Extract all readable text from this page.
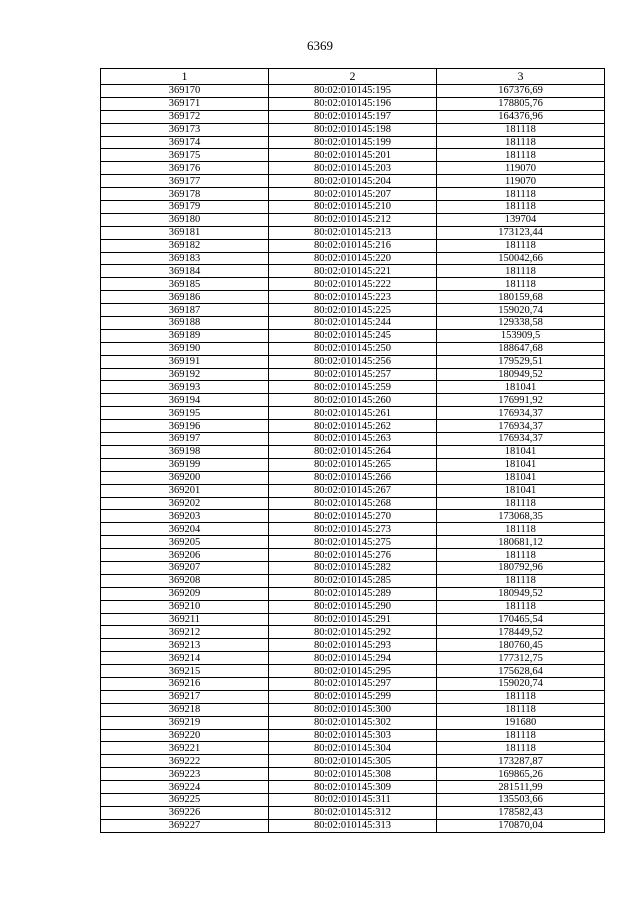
6369
1	2	3
369170	80:02:010145:195	167376,69
369171	80:02:010145:196	178805,76
369172	80:02:010145:197	164376,96
369173	80:02:010145:198	181118
369174	80:02:010145:199	181118
369175	80:02:010145:201	181118
369176	80:02:010145:203	119070
369177	80:02:010145:204	119070
369178	80:02:010145:207	181118
369179	80:02:010145:210	181118
369180	80:02:010145:212	139704
369181	80:02:010145:213	173123,44
369182	80:02:010145:216	181118
369183	80:02:010145:220	150042,66
369184	80:02:010145:221	181118
369185	80:02:010145:222	181118
369186	80:02:010145:223	180159,68
369187	80:02:010145:225	159020,74
369188	80:02:010145:244	129338,58
369189	80:02:010145:245	153909,5
369190	80:02:010145:250	188647,68
369191	80:02:010145:256	179529,51
369192	80:02:010145:257	180949,52
369193	80:02:010145:259	181041
369194	80:02:010145:260	176991,92
369195	80:02:010145:261	176934,37
369196	80:02:010145:262	176934,37
369197	80:02:010145:263	176934,37
369198	80:02:010145:264	181041
369199	80:02:010145:265	181041
369200	80:02:010145:266	181041
369201	80:02:010145:267	181041
369202	80:02:010145:268	181118
369203	80:02:010145:270	173068,35
369204	80:02:010145:273	181118
369205	80:02:010145:275	180681,12
369206	80:02:010145:276	181118
369207	80:02:010145:282	180792,96
369208	80:02:010145:285	181118
369209	80:02:010145:289	180949,52
369210	80:02:010145:290	181118
369211	80:02:010145:291	170465,54
369212	80:02:010145:292	178449,52
369213	80:02:010145:293	180760,45
369214	80:02:010145:294	177312,75
369215	80:02:010145:295	175628,64
369216	80:02:010145:297	159020,74
369217	80:02:010145:299	181118
369218	80:02:010145:300	181118
369219	80:02:010145:302	191680
369220	80:02:010145:303	181118
369221	80:02:010145:304	181118
369222	80:02:010145:305	173287,87
369223	80:02:010145:308	169865,26
369224	80:02:010145:309	281511,99
369225	80:02:010145:311	135503,66
369226	80:02:010145:312	178582,43
369227	80:02:010145:313	170870,04
